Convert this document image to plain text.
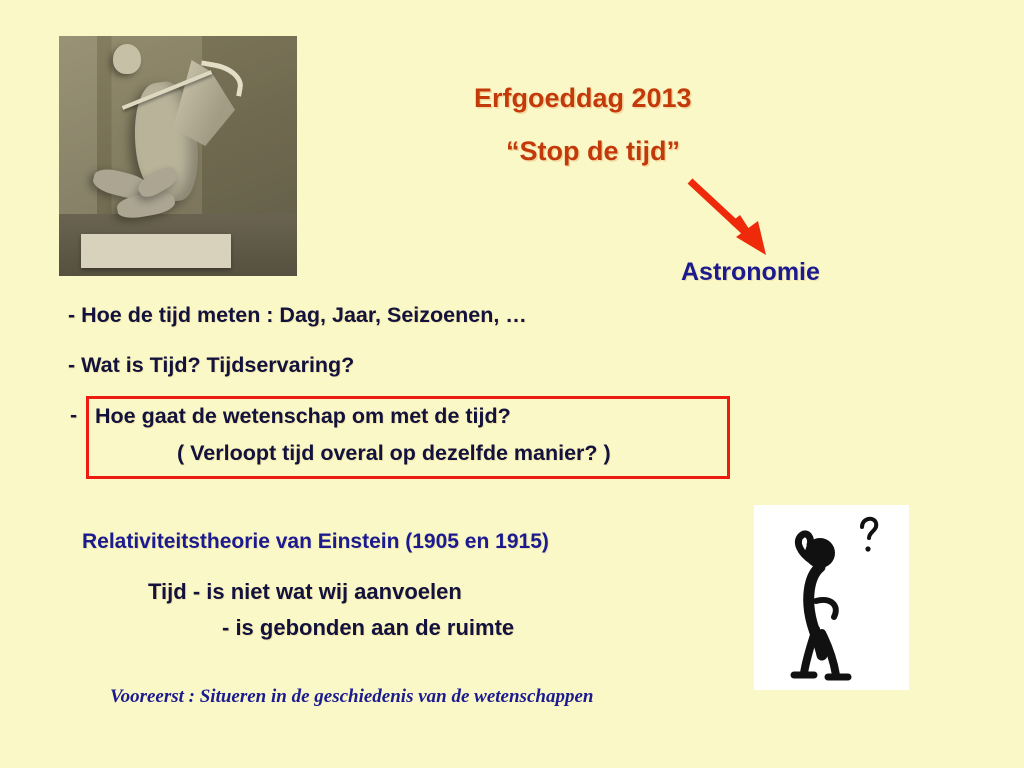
Erfgoeddag 2013
“Stop de tijd”
Astronomie
- Hoe de tijd meten : Dag, Jaar, Seizoenen, …
- Wat is Tijd? Tijdservaring?
- Hoe gaat de wetenschap om met de tijd?
( Verloopt tijd overal op dezelfde manier? )
Relativiteitstheorie van Einstein (1905 en 1915)
Tijd - is niet wat wij aanvoelen
- is gebonden aan de ruimte
Vooreerst : Situeren in de geschiedenis van de wetenschappen
